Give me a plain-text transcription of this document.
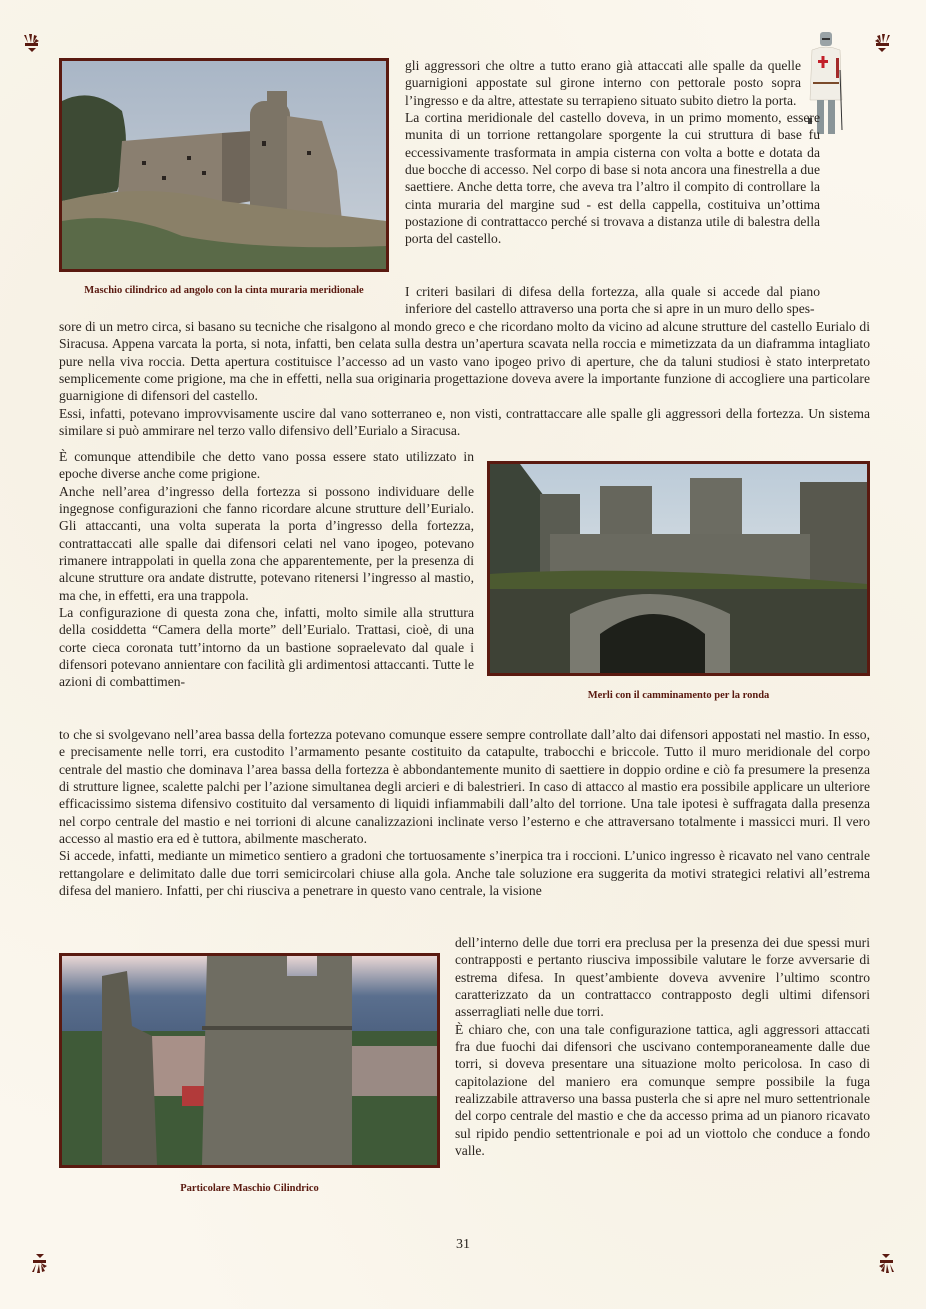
Maschio cilindrico ad angolo con la cinta muraria meridionale
Merli con il camminamento per la ronda
Particolare Maschio Cilindrico

gli aggressori che oltre a tutto erano già attaccati alle spalle da quelle guarnigioni appostate sul girone interno con pettorale posto sopra l’ingresso e da altre, attestate su terrapieno situato subito dietro la porta.

La cortina meridionale del castello doveva, in un primo momento, essere munita di un torrione rettangolare sporgente la cui struttura di base fu eccessivamente trasformata in ampia cisterna con volta a botte e dotata da due bocche di accesso. Nel corpo di base si nota ancora una finestrella a due saettiere. Anche detta torre, che aveva tra l’altro il compito di controllare la cinta muraria del margine sud - est della cappella, costituiva un’ottima postazione di contrattacco perché si trovava a distanza utile di balestra della porta del castello.

I criteri basilari di difesa della fortezza, alla quale si accede dal piano inferiore del castello attraverso una porta che si apre in un muro dello spes-

sore di un metro circa, si basano su tecniche che risalgono al mondo greco e che ricordano molto da vicino ad alcune strutture del castello Eurialo di Siracusa. Appena varcata la porta, si nota, infatti, ben celata sulla destra un’apertura scavata nella roccia e mimetizzata da un diaframma intagliato pure nella viva roccia. Detta apertura costituisce l’accesso ad un vasto vano ipogeo privo di aperture, che da taluni studiosi è stato interpretato semplicemente come prigione, ma che in effetti, nella sua originaria progettazione doveva avere la importante funzione di accogliere una particolare guarnigione di difensori del castello.

Essi, infatti, potevano improvvisamente uscire dal vano sotterraneo e, non visti, contrattaccare alle spalle gli aggressori della fortezza. Un sistema similare si può ammirare nel terzo vallo difensivo dell’Eurialo a Siracusa.

È comunque attendibile che detto vano possa essere stato utilizzato in epoche diverse anche come prigione.

Anche nell’area d’ingresso della fortezza si possono individuare delle ingegnose configurazioni che fanno ricordare alcune strutture dell’Eurialo. Gli attaccanti, una volta superata la porta d’ingresso della fortezza, contrattaccati alle spalle dai difensori celati nel vano ipogeo, potevano rimanere intrappolati in quella zona che apparentemente, per la presenza di alcune strutture ora andate distrutte, potevano ritenersi l’ingresso al mastio, ma che, in effetti, era una trappola.

La configurazione di questa zona che, infatti, molto simile alla struttura della cosiddetta “Camera della morte” dell’Eurialo. Trattasi, cioè, di una corte cieca coronata tutt’intorno da un bastione sopraelevato dal quale i difensori potevano annientare con facilità gli ardimentosi attaccanti. Tutte le azioni di combattimen-

to che si svolgevano nell’area bassa della fortezza potevano comunque essere sempre controllate dall’alto dai difensori appostati nel mastio. In esso, e precisamente nelle torri, era custodito l’armamento pesante costituito da catapulte, trabocchi e briccole. Tutto il muro meridionale del corpo centrale del mastio che dominava l’area bassa della fortezza è abbondantemente munito di saettiere in doppio ordine e ciò fa presumere la presenza di strutture lignee, scalette palchi per l’azione simultanea degli arcieri e di balestrieri. In caso di attacco al mastio era possibile applicare un ulteriore efficacissimo sistema difensivo costituito dal versamento di liquidi infiammabili dall’alto del torrione. Una tale ipotesi è suffragata dalla presenza nel corpo centrale del mastio e nei torrioni di alcune canalizzazioni inclinate verso l’esterno e che attraversano totalmente i massicci muri. Il vero accesso al mastio era ed è tuttora, abilmente mascherato.

Si accede, infatti, mediante un mimetico sentiero a gradoni che tortuosamente s’inerpica tra i roccioni. L’unico ingresso è ricavato nel vano centrale rettangolare e delimitato dalle due torri semicircolari chiuse alla gola. Anche tale soluzione era suggerita da motivi strategici relativi all’estrema difesa del maniero. Infatti, per chi riusciva a penetrare in questo vano centrale, la visione

dell’interno delle due torri era preclusa per la presenza dei due spessi muri contrapposti e pertanto riusciva impossibile valutare le forze avversarie di estrema difesa. In quest’ambiente doveva avvenire l’ultimo scontro caratterizzato da un contrattacco contrapposto degli ultimi difensori asserragliati nelle due torri.

È chiaro che, con una tale configurazione tattica, agli aggressori attaccati fra due fuochi dai difensori che uscivano contemporaneamente dalle due torri, si doveva presentare una situazione molto pericolosa. In caso di capitolazione del maniero era comunque sempre possibile la fuga realizzabile attraverso una bassa pusterla che si apre nel muro settentrionale del corpo centrale del mastio e che da accesso prima ad un pianoro ricavato sul ripido pendio settentrionale e poi ad un viottolo che conduce a fondo valle.

31
